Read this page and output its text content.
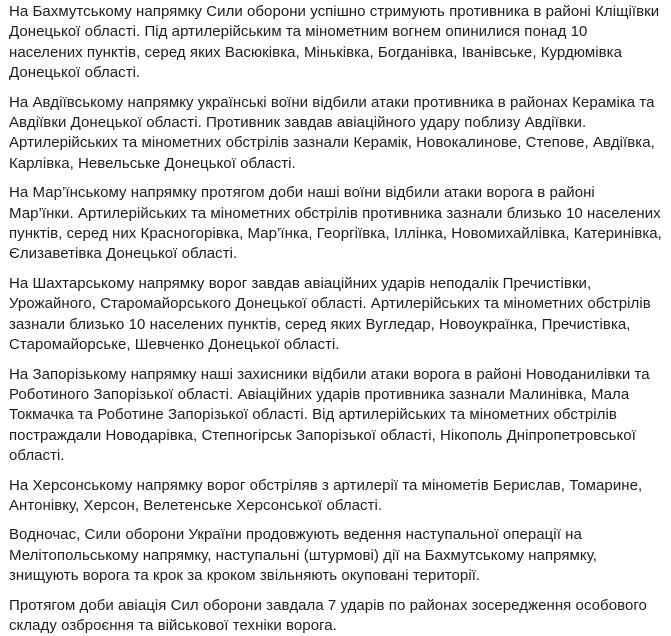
На Бахмутському напрямку Сили оборони успішно стримують противника в районі Кліщіївки
Донецької області. Під артилерійським та мінометним вогнем опинилися понад 10
населених пунктів, серед яких Васюківка, Міньківка, Богданівка, Іванівське, Курдюмівка
Донецької області.

На Авдіївському напрямку українські воїни відбили атаки противника в районах Кераміка та
Авдіївки Донецької області. Противник завдав авіаційного удару поблизу Авдіївки.
Артилерійських та мінометних обстрілів зазнали Керамік, Новокалинове, Степове, Авдіївка,
Карлівка, Невельське Донецької області.

На Мар’їнському напрямку протягом доби наші воїни відбили атаки ворога в районі
Мар’їнки. Артилерійських та мінометних обстрілів противника зазнали близько 10 населених
пунктів, серед них Красногорівка, Мар’їнка, Георгіївка, Іллінка, Новомихайлівка, Катеринівка,
Єлизаветівка Донецької області.

На Шахтарському напрямку ворог завдав авіаційних ударів неподалік Пречистівки,
Урожайного, Старомайорського Донецької області. Артилерійських та мінометних обстрілів
зазнали близько 10 населених пунктів, серед яких Вугледар, Новоукраїнка, Пречистівка,
Старомайорське, Шевченко Донецької області.

На Запорізькому напрямку наші захисники відбили атаки ворога в районі Новоданилівки та
Роботиного Запорізької області. Авіаційних ударів противника зазнали Малинівка, Мала
Токмачка та Роботине Запорізької області. Від артилерійських та мінометних обстрілів
постраждали Новодарівка, Степногірськ Запорізької області, Нікополь Дніпропетровської
області.

На Херсонському напрямку ворог обстріляв з артилерії та мінометів Берислав, Томарине,
Антонівку, Херсон, Велетенське Херсонської області.

Водночас, Сили оборони України продовжують ведення наступальної операції на
Мелітопольському напрямку, наступальні (штурмові) дії на Бахмутському напрямку,
знищують ворога та крок за кроком звільняють окуповані території.

Протягом доби авіація Сил оборони завдала 7 ударів по районах зосередження особового
складу озброєння та військової техніки ворога.
